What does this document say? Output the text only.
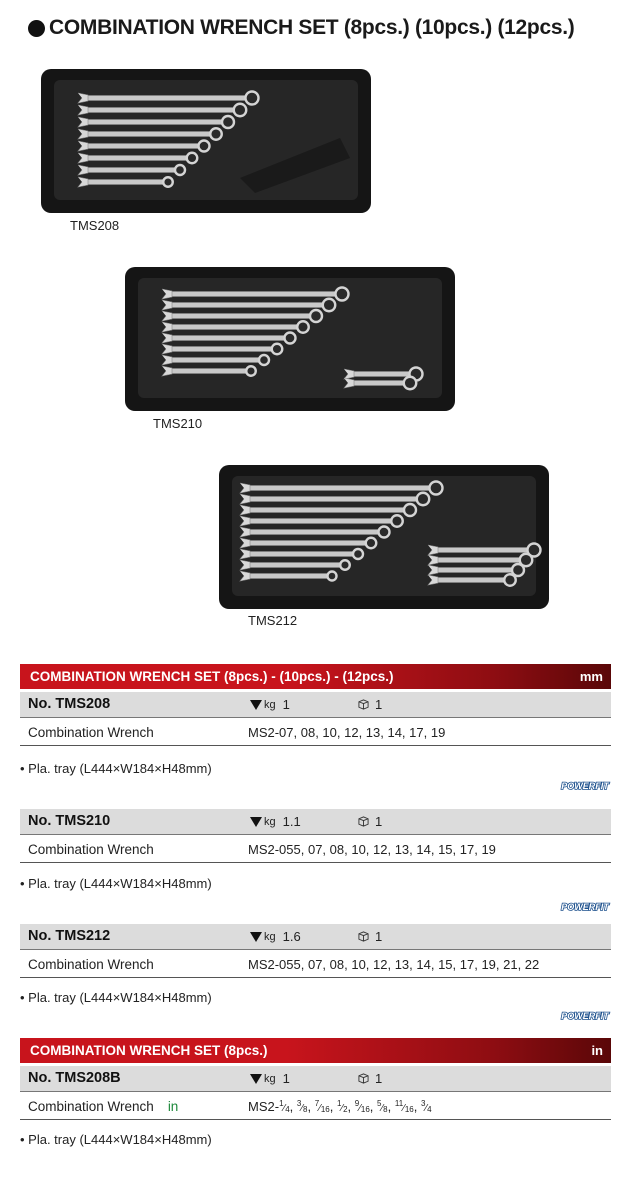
COMBINATION WRENCH SET (8pcs.) (10pcs.) (12pcs.)
TMS208
TMS210
TMS212
COMBINATION WRENCH SET (8pcs.) - (10pcs.) - (12pcs.)	mm
No. TMS208	kg 1	1
Combination Wrench	MS2-07, 08, 10, 12, 13, 14, 17, 19
• Pla. tray (L444×W184×H48mm)
POWERFIT
No. TMS210	kg 1.1	1
Combination Wrench	MS2-055, 07, 08, 10, 12, 13, 14, 15, 17, 19
• Pla. tray (L444×W184×H48mm)
POWERFIT
No. TMS212	kg 1.6	1
Combination Wrench	MS2-055, 07, 08, 10, 12, 13, 14, 15, 17, 19, 21, 22
• Pla. tray (L444×W184×H48mm)
POWERFIT
COMBINATION WRENCH SET (8pcs.)	in
No. TMS208B	kg 1	1
Combination Wrench in	$MS2-^1⁄_4$, $^3⁄_8$, $^7⁄_{16}$, $^1⁄_2$, $^9⁄_{16}$, $^5⁄_8$, $^{11}⁄_{16}$, $^3⁄_4$
• Pla. tray (L444×W184×H48mm)
